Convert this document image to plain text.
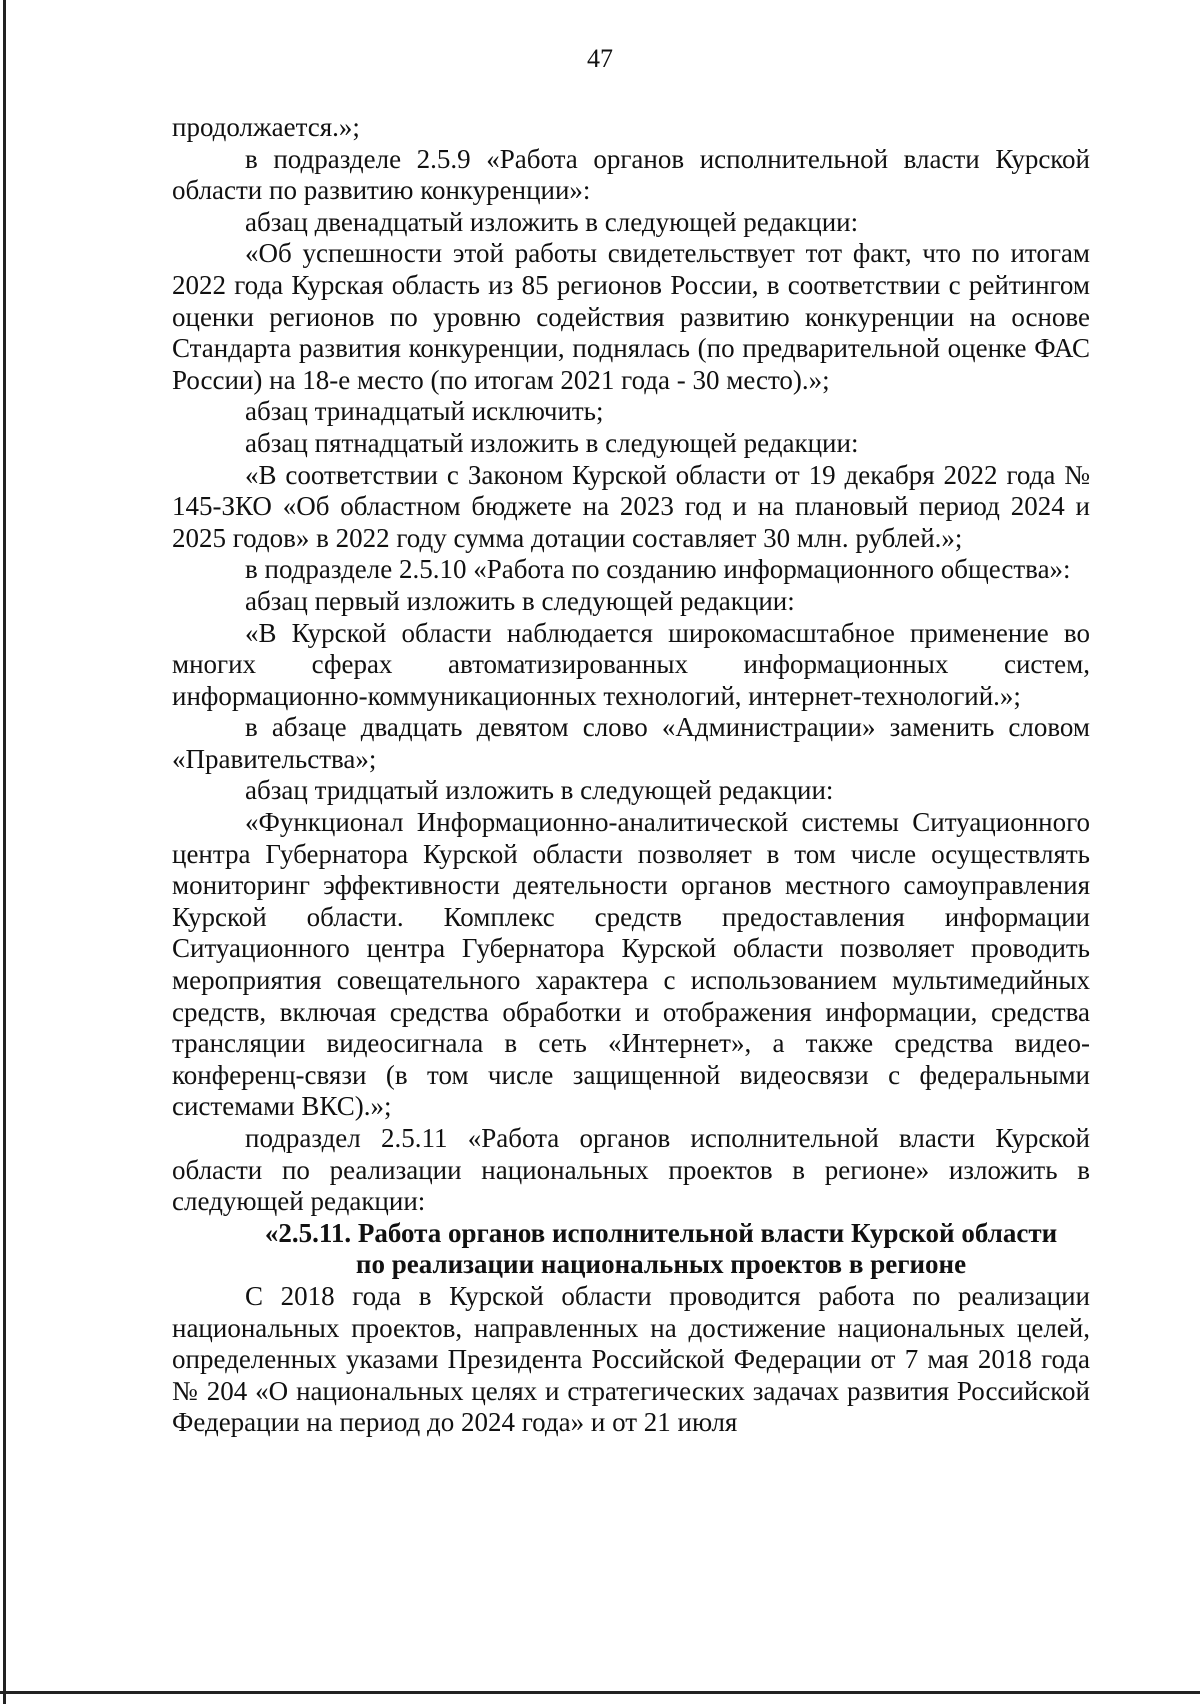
47

продолжается.»;

в подразделе 2.5.9 «Работа органов исполнительной власти Курской области по развитию конкуренции»:

абзац двенадцатый изложить в следующей редакции:

«Об успешности этой работы свидетельствует тот факт, что по итогам 2022 года Курская область из 85 регионов России, в соответствии с рейтингом оценки регионов по уровню содействия развитию конкуренции на основе Стандарта развития конкуренции, поднялась (по предварительной оценке ФАС России) на 18-е место (по итогам 2021 года - 30 место).»;

абзац тринадцатый исключить;

абзац пятнадцатый изложить в следующей редакции:

«В соответствии с Законом Курской области от 19 декабря 2022 года № 145-ЗКО «Об областном бюджете на 2023 год и на плановый период 2024 и 2025 годов» в 2022 году сумма дотации составляет 30 млн. рублей.»;

в подразделе 2.5.10 «Работа по созданию информационного общества»:

абзац первый изложить в следующей редакции:

«В Курской области наблюдается широкомасштабное применение во многих сферах автоматизированных информационных систем, информационно-коммуникационных технологий, интернет-технологий.»;

в абзаце двадцать девятом слово «Администрации» заменить словом «Правительства»;

абзац тридцатый изложить в следующей редакции:

«Функционал Информационно-аналитической системы Ситуационного центра Губернатора Курской области позволяет в том числе осуществлять мониторинг эффективности деятельности органов местного самоуправления Курской области. Комплекс средств предоставления информации Ситуационного центра Губернатора Курской области позволяет проводить мероприятия совещательного характера с использованием мультимедийных средств, включая средства обработки и отображения информации, средства трансляции видеосигнала в сеть «Интернет», а также средства видео-конференц-связи (в том числе защищенной видеосвязи с федеральными системами ВКС).»;

подраздел 2.5.11 «Работа органов исполнительной власти Курской области по реализации национальных проектов в регионе» изложить в следующей редакции:

«2.5.11. Работа органов исполнительной власти Курской области

по реализации национальных проектов в регионе

С 2018 года в Курской области проводится работа по реализации национальных проектов, направленных на достижение национальных целей, определенных указами Президента Российской Федерации от 7 мая 2018 года № 204 «О национальных целях и стратегических задачах развития Российской Федерации на период до 2024 года» и от 21 июля
